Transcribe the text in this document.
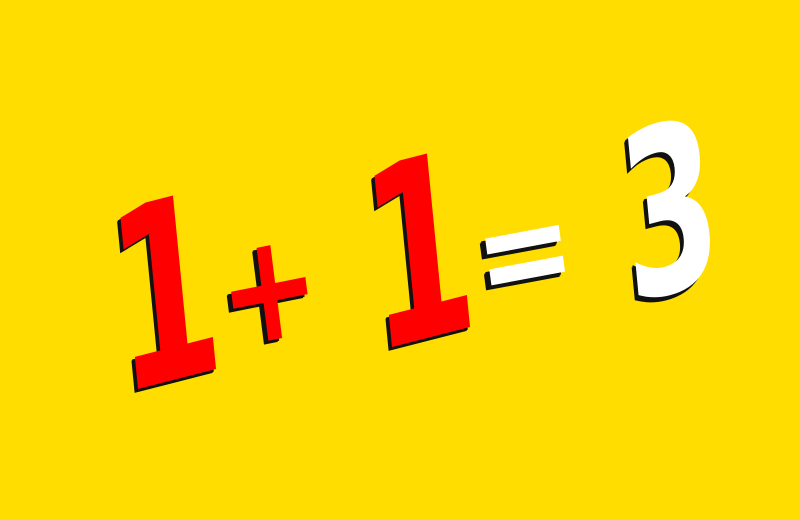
1
+ 1
= 3
